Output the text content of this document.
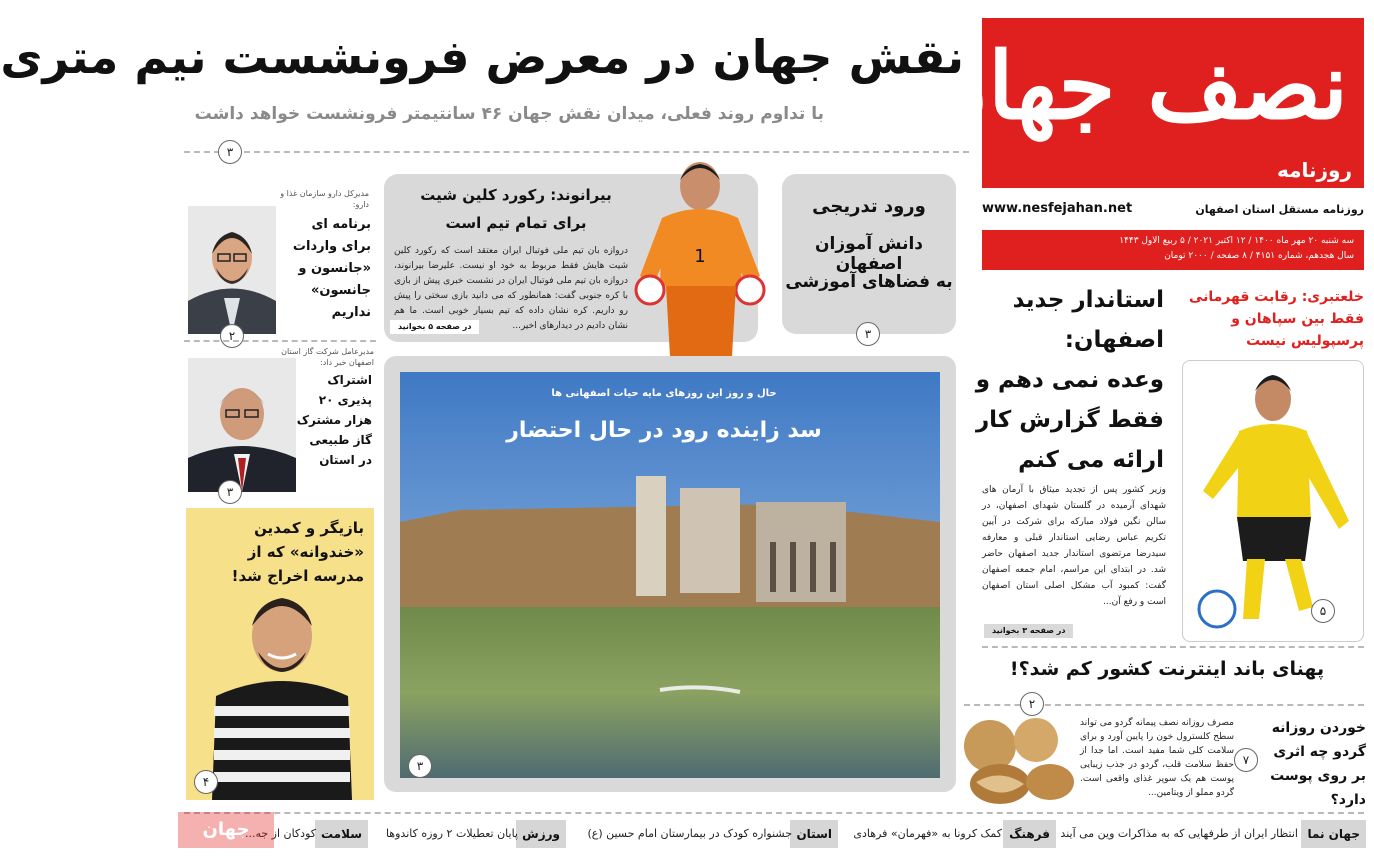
نصف جهان
روزنامه
روزنامه مستقل استان اصفهان
www.nesfejahan.net
سه شنبه ۲۰ مهر ماه ۱۴۰۰ / ۱۲ اکتبر ۲۰۲۱ / ۵ ربیع الاول ۱۴۴۳
سال هجدهم، شماره ۴۱۵۱ / ۸ صفحه / ۲۰۰۰ تومان
نقش جهان در معرض فرونشست نیم متری
با تداوم روند فعلی، میدان نقش جهان ۴۶ سانتیمتر فرونشست خواهد داشت
۳
مدیرکل دارو سازمان غذا و دارو:
برنامه ای برای واردات «جانسون و جانسون» نداریم
۲
مدیرعامل شرکت گاز استان اصفهان خبر داد:
اشتراک پذیری ۲۰ هزار مشترک گاز طبیعی در استان
۳
بازیگر و کمدین «خندوانه» که از مدرسه اخراج شد!
۴
ورود تدریجی
دانش آموزان اصفهان
به فضاهای آموزشی
۳
بیرانوند: رکورد کلین شیت
برای تمام تیم است
دروازه بان تیم ملی فوتبال ایران معتقد است که رکورد کلین شیت هایش فقط مربوط به خود او نیست. علیرضا بیرانوند، دروازه بان تیم ملی فوتبال ایران در نشست خبری پیش از بازی با کره جنوبی گفت: همانطور که می دانید بازی سختی را پیش رو داریم. کره نشان داده که تیم بسیار خوبی است. ما هم نشان دادیم در دیدارهای اخیر...
در صفحه ۵ بخوانید
1
حال و روز این روزهای مایه حیات اصفهانی ها
سد زاینده رود در حال احتضار
۳
استاندار جدید
اصفهان:
وعده نمی دهم و
فقط گزارش کار
ارائه می کنم
وزیر کشور پس از تجدید میثاق با آرمان های شهدای آرمیده در گلستان شهدای اصفهان، در سالن نگین فولاد مبارکه برای شرکت در آیین تکریم عباس رضایی استاندار قبلی و معارفه سیدرضا مرتضوی استاندار جدید اصفهان حاضر شد. در ابتدای این مراسم، امام جمعه اصفهان گفت: کمبود آب مشکل اصلی استان اصفهان است و رفع آن...
در صفحه ۳ بخوانید
خلعتبری: رقابت قهرمانی فقط بین سپاهان و پرسپولیس نیست
۵
پهنای باند اینترنت کشور کم شد؟!
۲
خوردن روزانه گردو چه اثری بر روی پوست دارد؟
مصرف روزانه نصف پیمانه گردو می تواند سطح کلسترول خون را پایین آورد و برای سلامت کلی شما مفید است. اما جدا از حفظ سلامت قلب، گردو در جذب زیبایی پوست هم یک سوپر غذای واقعی است. گردو مملو از ویتامین...
۷
جهان نما
انتظار ایران از طرفهایی که به مذاکرات وین می آیند
فرهنگ
کمک کرونا به «فهرمان» فرهادی
استان
جشنواره کودک در بیمارستان امام حسین (ع)
ورزش
پایان تعطیلات ۲ روزه کاندوها
سلامت
کودکان از جه...
جهان
